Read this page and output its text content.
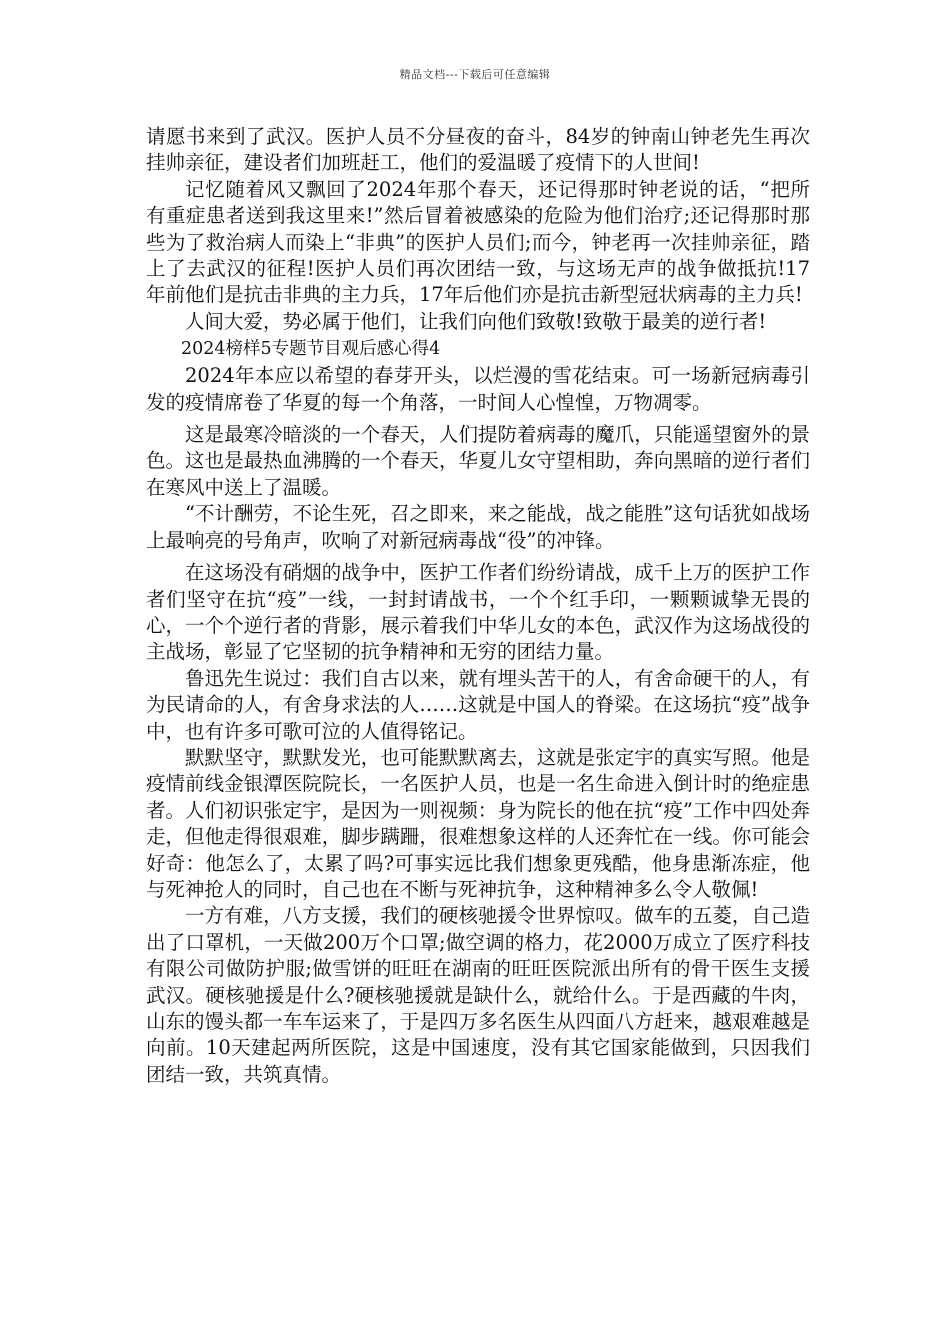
精品文档---下载后可任意编辑

请愿书来到了武汉。医护人员不分昼夜的奋斗，84岁的钟南山钟老先生再次挂帅亲征，建设者们加班赶工，他们的爱温暖了疫情下的人世间!

记忆随着风又飘回了2024年那个春天，还记得那时钟老说的话，“把所有重症患者送到我这里来!”然后冒着被感染的危险为他们治疗;还记得那时那些为了救治病人而染上“非典”的医护人员们;而今，钟老再一次挂帅亲征，踏上了去武汉的征程!医护人员们再次团结一致，与这场无声的战争做抵抗!17年前他们是抗击非典的主力兵，17年后他们亦是抗击新型冠状病毒的主力兵!

人间大爱，势必属于他们，让我们向他们致敬!致敬于最美的逆行者!

2024榜样5专题节目观后感心得4

2024年本应以希望的春芽开头，以烂漫的雪花结束。可一场新冠病毒引发的疫情席卷了华夏的每一个角落，一时间人心惶惶，万物凋零。

这是最寒冷暗淡的一个春天，人们提防着病毒的魔爪，只能遥望窗外的景色。这也是最热血沸腾的一个春天，华夏儿女守望相助，奔向黑暗的逆行者们在寒风中送上了温暖。

“不计酬劳，不论生死，召之即来，来之能战，战之能胜”这句话犹如战场上最响亮的号角声，吹响了对新冠病毒战“役”的冲锋。

在这场没有硝烟的战争中，医护工作者们纷纷请战，成千上万的医护工作者们坚守在抗“疫”一线，一封封请战书，一个个红手印，一颗颗诚挚无畏的心，一个个逆行者的背影，展示着我们中华儿女的本色，武汉作为这场战役的主战场，彰显了它坚韧的抗争精神和无穷的团结力量。

鲁迅先生说过：我们自古以来，就有埋头苦干的人，有舍命硬干的人，有为民请命的人，有舍身求法的人……这就是中国人的脊梁。在这场抗“疫”战争中，也有许多可歌可泣的人值得铭记。

默默坚守，默默发光，也可能默默离去，这就是张定宇的真实写照。他是疫情前线金银潭医院院长，一名医护人员，也是一名生命进入倒计时的绝症患者。人们初识张定宇，是因为一则视频：身为院长的他在抗“疫”工作中四处奔走，但他走得很艰难，脚步蹒跚，很难想象这样的人还奔忙在一线。你可能会好奇：他怎么了，太累了吗?可事实远比我们想象更残酷，他身患渐冻症，他与死神抢人的同时，自己也在不断与死神抗争，这种精神多么令人敬佩!

一方有难，八方支援，我们的硬核驰援令世界惊叹。做车的五菱，自己造出了口罩机，一天做200万个口罩;做空调的格力，花2000万成立了医疗科技有限公司做防护服;做雪饼的旺旺在湖南的旺旺医院派出所有的骨干医生支援武汉。硬核驰援是什么?硬核驰援就是缺什么，就给什么。于是西藏的牛肉，山东的馒头都一车车运来了，于是四万多名医生从四面八方赶来，越艰难越是向前。10天建起两所医院，这是中国速度，没有其它国家能做到，只因我们团结一致，共筑真情。
